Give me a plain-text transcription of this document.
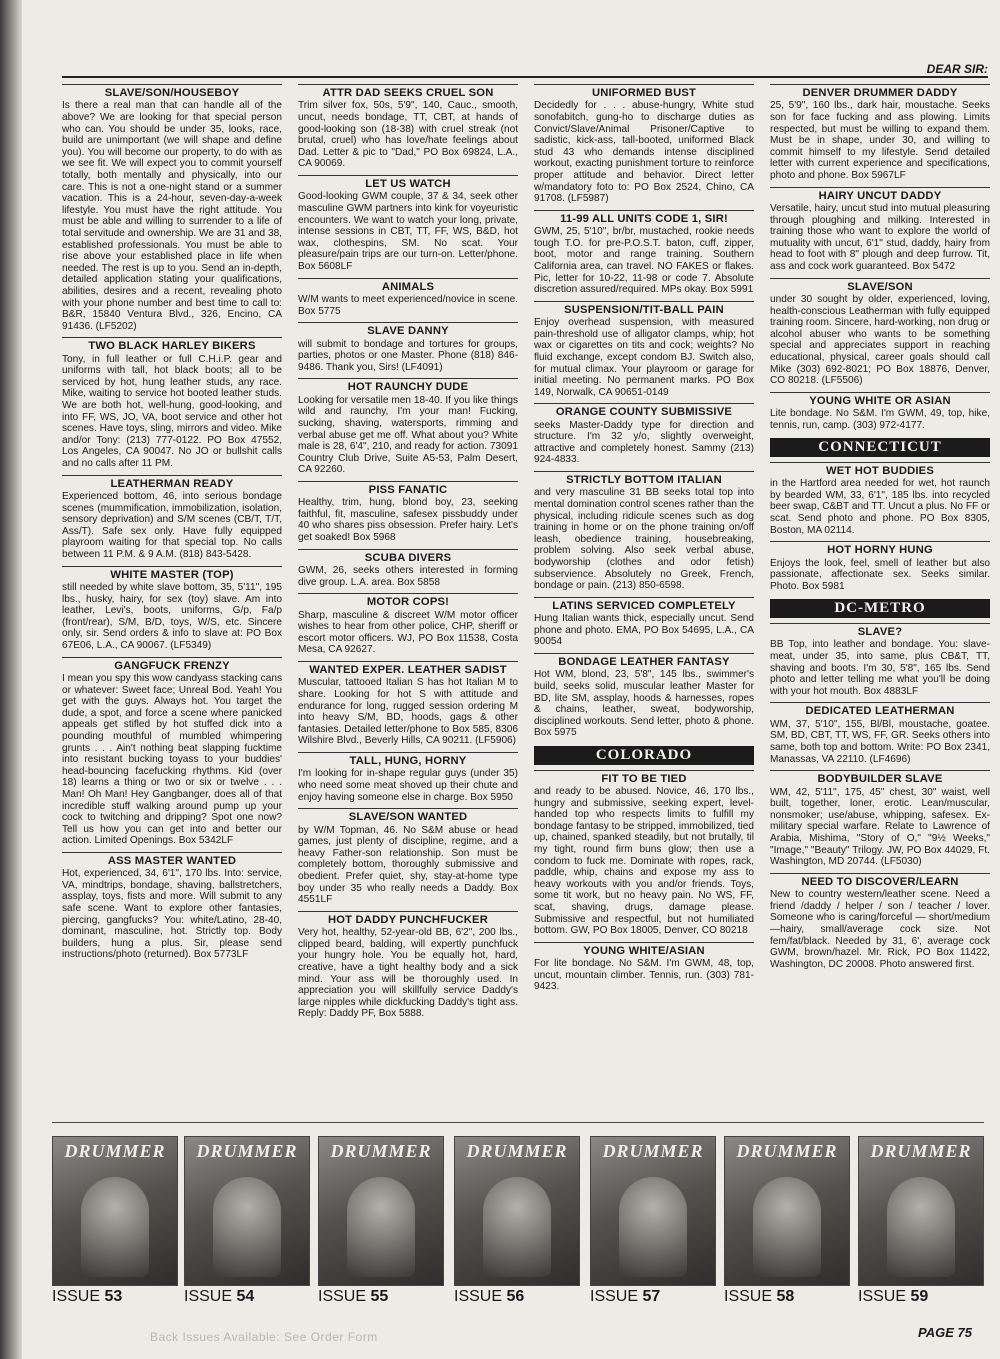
DEAR SIR:
SLAVE/SON/HOUSEBOY
Is there a real man that can handle all of the above? We are looking for that special person who can. You should be under 35, looks, race, build are unimportant (we will shape and define you). You will become our property, to do with as we see fit. We will expect you to commit yourself totally, both mentally and physically, into our care. This is not a one-night stand or a summer vacation. This is a 24-hour, seven-day-a-week lifestyle. You must have the right attitude. You must be able and willing to surrender to a life of total servitude and ownership. We are 31 and 38, established professionals. You must be able to rise above your established place in life when needed. The rest is up to you. Send an in-depth, detailed application stating your qualifications, abilities, desires and a recent, revealing photo with your phone number and best time to call to: B&R, 15840 Ventura Blvd., 326, Encino, CA 91436. (LF5202)
TWO BLACK HARLEY BIKERS
Tony, in full leather or full C.H.i.P. gear and uniforms with tall, hot black boots; all to be serviced by hot, hung leather studs, any race. Mike, waiting to service hot booted leather studs. We are both hot, well-hung, good-looking, and into FF, WS, JO, VA, boot service and other hot scenes. Have toys, sling, mirrors and video. Mike and/or Tony: (213) 777-0122. PO Box 47552, Los Angeles, CA 90047. No JO or bullshit calls and no calls after 11 PM.
LEATHERMAN READY
Experienced bottom, 46, into serious bondage scenes (mummification, immobilization, isolation, sensory deprivation) and S/M scenes (CB/T, T/T, Ass/T). Safe sex only. Have fully equipped playroom waiting for that special top. No calls between 11 P.M. & 9 A.M. (818) 843-5428.
WHITE MASTER (TOP)
still needed by white slave bottom, 35, 5'11", 195 lbs., husky, hairy, for sex (toy) slave. Am into leather, Levi's, boots, uniforms, G/p, Fa/p (front/rear), S/M, B/D, toys, W/S, etc. Sincere only, sir. Send orders & info to slave at: PO Box 67E06, L.A., CA 90067. (LF5349)
GANGFUCK FRENZY
I mean you spy this wow candyass stacking cans or whatever: Sweet face; Unreal Bod. Yeah! You get with the guys. Always hot. You target the dude, a spot, and force a scene where panicked appeals get stifled by hot stuffed dick into a pounding mouthful of mumbled whimpering grunts . . . Ain't nothing beat slapping fucktime into resistant bucking toyass to your buddies' head-bouncing facefucking rhythms. Kid (over 18) learns a thing or two or six or twelve . . . Man! Oh Man! Hey Gangbanger, does all of that incredible stuff walking around pump up your cock to twitching and dripping? Spot one now? Tell us how you can get into and better our action. Limited Openings. Box 5342LF
ASS MASTER WANTED
Hot, experienced, 34, 6'1", 170 lbs. Into: service, VA, mindtrips, bondage, shaving, ballstretchers, assplay, toys, fists and more. Will submit to any safe scene. Want to explore other fantasies, piercing, gangfucks? You: white/Latino, 28-40, dominant, masculine, hot. Strictly top. Body builders, hung a plus. Sir, please send instructions/photo (returned). Box 5773LF
ATTR DAD SEEKS CRUEL SON
Trim silver fox, 50s, 5'9", 140, Cauc., smooth, uncut, needs bondage, TT, CBT, at hands of good-looking son (18-38) with cruel streak (not brutal, cruel) who has love/hate feelings about Dad. Letter & pic to "Dad," PO Box 69824, L.A., CA 90069.
LET US WATCH
Good-looking GWM couple, 37 & 34, seek other masculine GWM partners into kink for voyeuristic encounters. We want to watch your long, private, intense sessions in CBT, TT, FF, WS, B&D, hot wax, clothespins, SM. No scat. Your pleasure/pain trips are our turn-on. Letter/phone. Box 5608LF
ANIMALS
W/M wants to meet experienced/novice in scene. Box 5775
SLAVE DANNY
will submit to bondage and tortures for groups, parties, photos or one Master. Phone (818) 846-9486. Thank you, Sirs! (LF4091)
HOT RAUNCHY DUDE
Looking for versatile men 18-40. If you like things wild and raunchy, I'm your man! Fucking, sucking, shaving, watersports, rimming and verbal abuse get me off. What about you? White male is 28, 6'4", 210, and ready for action. 73091 Country Club Drive, Suite A5-53, Palm Desert, CA 92260.
PISS FANATIC
Healthy, trim, hung, blond boy, 23, seeking faithful, fit, masculine, safesex pissbuddy under 40 who shares piss obsession. Prefer hairy. Let's get soaked! Box 5968
SCUBA DIVERS
GWM, 26, seeks others interested in forming dive group. L.A. area. Box 5858
MOTOR COPS!
Sharp, masculine & discreet W/M motor officer wishes to hear from other police, CHP, sheriff or escort motor officers. WJ, PO Box 11538, Costa Mesa, CA 92627.
WANTED EXPER. LEATHER SADIST
Muscular, tattooed Italian S has hot Italian M to share. Looking for hot S with attitude and endurance for long, rugged session ordering M into heavy S/M, BD, hoods, gags & other fantasies. Detailed letter/phone to Box 585, 8306 Wilshire Blvd., Beverly Hills, CA 90211. (LF5906)
TALL, HUNG, HORNY
I'm looking for in-shape regular guys (under 35) who need some meat shoved up their chute and enjoy having someone else in charge. Box 5950
SLAVE/SON WANTED
by W/M Topman, 46. No S&M abuse or head games, just plenty of discipline, regime, and a heavy Father-son relationship. Son must be completely bottom, thoroughly submissive and obedient. Prefer quiet, shy, stay-at-home type boy under 35 who really needs a Daddy. Box 4551LF
HOT DADDY PUNCHFUCKER
Very hot, healthy, 52-year-old BB, 6'2", 200 lbs., clipped beard, balding, will expertly punchfuck your hungry hole. You be equally hot, hard, creative, have a tight healthy body and a sick mind. Your ass will be thoroughly used. In appreciation you will skillfully service Daddy's large nipples while dickfucking Daddy's tight ass. Reply: Daddy PF, Box 5888.
UNIFORMED BUST
Decidedly for . . . abuse-hungry, White stud sonofabitch, gung-ho to discharge duties as Convict/Slave/Animal Prisoner/Captive to sadistic, kick-ass, tall-booted, uniformed Black stud 43 who demands intense disciplined workout, exacting punishment torture to reinforce proper attitude and behavior. Direct letter w/mandatory foto to: PO Box 2524, Chino, CA 91708. (LF5987)
11-99 ALL UNITS CODE 1, SIR!
GWM, 25, 5'10", br/br, mustached, rookie needs tough T.O. for pre-P.O.S.T. baton, cuff, zipper, boot, motor and range training. Southern California area, can travel. NO FAKES or flakes. Pic, letter for 10-22, 11-98 or code 7. Absolute discretion assured/required. MPs okay. Box 5991
SUSPENSION/TIT-BALL PAIN
Enjoy overhead suspension, with measured pain-threshold use of alligator clamps, whip; hot wax or cigarettes on tits and cock; weights? No fluid exchange, except condom BJ. Switch also, for mutual climax. Your playroom or garage for initial meeting. No permanent marks. PO Box 149, Norwalk, CA 90651-0149
ORANGE COUNTY SUBMISSIVE
seeks Master-Daddy type for direction and structure. I'm 32 y/o, slightly overweight, attractive and completely honest. Sammy (213) 924-4833.
STRICTLY BOTTOM ITALIAN
and very masculine 31 BB seeks total top into mental domination control scenes rather than the physical, including ridicule scenes such as dog training in home or on the phone training on/off leash, obedience training, housebreaking, problem solving. Also seek verbal abuse, bodyworship (clothes and odor fetish) subservience. Absolutely no Greek, French, bondage or pain. (213) 850-6598.
LATINS SERVICED COMPLETELY
Hung Italian wants thick, especially uncut. Send phone and photo. EMA, PO Box 54695, L.A., CA 90054
BONDAGE LEATHER FANTASY
Hot WM, blond, 23, 5'8", 145 lbs., swimmer's build, seeks solid, muscular leather Master for BD, lite SM, assplay, hoods & harnesses, ropes & chains, leather, sweat, bodyworship, disciplined workouts. Send letter, photo & phone. Box 5975
COLORADO
FIT TO BE TIED
and ready to be abused. Novice, 46, 170 lbs., hungry and submissive, seeking expert, level-handed top who respects limits to fulfill my bondage fantasy to be stripped, immobilized, tied up, chained, spanked steadily, but not brutally, til my tight, round firm buns glow; then use a condom to fuck me. Dominate with ropes, rack, paddle, whip, chains and expose my ass to heavy workouts with you and/or friends. Toys, some tit work, but no heavy pain. No WS, FF, scat, shaving, drugs, damage please. Submissive and respectful, but not humiliated bottom. GW, PO Box 18005, Denver, CO 80218
YOUNG WHITE/ASIAN
For lite bondage. No S&M. I'm GWM, 48, top, uncut, mountain climber. Tennis, run. (303) 781-9423.
DENVER DRUMMER DADDY
25, 5'9", 160 lbs., dark hair, moustache. Seeks son for face fucking and ass plowing. Limits respected, but must be willing to expand them. Must be in shape, under 30, and willing to commit himself to my lifestyle. Send detailed letter with current experience and specifications, photo and phone. Box 5967LF
HAIRY UNCUT DADDY
Versatile, hairy, uncut stud into mutual pleasuring through ploughing and milking. Interested in training those who want to explore the world of mutuality with uncut, 6'1" stud, daddy, hairy from head to foot with 8" plough and deep furrow. Tit, ass and cock work guaranteed. Box 5472
SLAVE/SON
under 30 sought by older, experienced, loving, health-conscious Leatherman with fully equipped training room. Sincere, hard-working, non drug or alcohol abuser who wants to be something special and appreciates support in reaching educational, physical, career goals should call Mike (303) 692-8021; PO Box 18876, Denver, CO 80218. (LF5506)
YOUNG WHITE OR ASIAN
Lite bondage. No S&M. I'm GWM, 49, top, hike, tennis, run, camp. (303) 972-4177.
CONNECTICUT
WET HOT BUDDIES
in the Hartford area needed for wet, hot raunch by bearded WM, 33, 6'1", 185 lbs. into recycled beer swap, C&BT and TT. Uncut a plus. No FF or scat. Send photo and phone. PO Box 8305, Boston, MA 02114.
HOT HORNY HUNG
Enjoys the look, feel, smell of leather but also passionate, affectionate sex. Seeks similar. Photo. Box 5981
DC-METRO
SLAVE?
BB Top, into leather and bondage. You: slave-meat, under 35, into same, plus CB&T, TT, shaving and boots. I'm 30, 5'8", 165 lbs. Send photo and letter telling me what you'll be doing with your hot mouth. Box 4883LF
DEDICATED LEATHERMAN
WM, 37, 5'10", 155, Bl/Bl, moustache, goatee. SM, BD, CBT, TT, WS, FF, GR. Seeks others into same, both top and bottom. Write: PO Box 2341, Manassas, VA 22110. (LF4696)
BODYBUILDER SLAVE
WM, 42, 5'11", 175, 45" chest, 30" waist, well built, together, loner, erotic. Lean/muscular, nonsmoker; use/abuse, whipping, safesex. Ex-military special warfare. Relate to Lawrence of Arabia, Mishima, "Story of O," "9½ Weeks," "Image," "Beauty" Trilogy. JW, PO Box 44029, Ft. Washington, MD 20744. (LF5030)
NEED TO DISCOVER/LEARN
New to country western/leather scene. Need a friend /daddy / helper / son / teacher / lover. Someone who is caring/forceful — short/medium—hairy, small/average cock size. Not fem/fat/black. Needed by 31, 6', average cock GWM, brown/hazel. Mr. Rick, PO Box 11422, Washington, DC 20008. Photo answered first.
DRUMMER
ISSUE 53
DRUMMER
ISSUE 54
DRUMMER
ISSUE 55
DRUMMER
ISSUE 56
DRUMMER
ISSUE 57
DRUMMER
ISSUE 58
DRUMMER
ISSUE 59
Back Issues Available: See Order Form	PAGE 75
